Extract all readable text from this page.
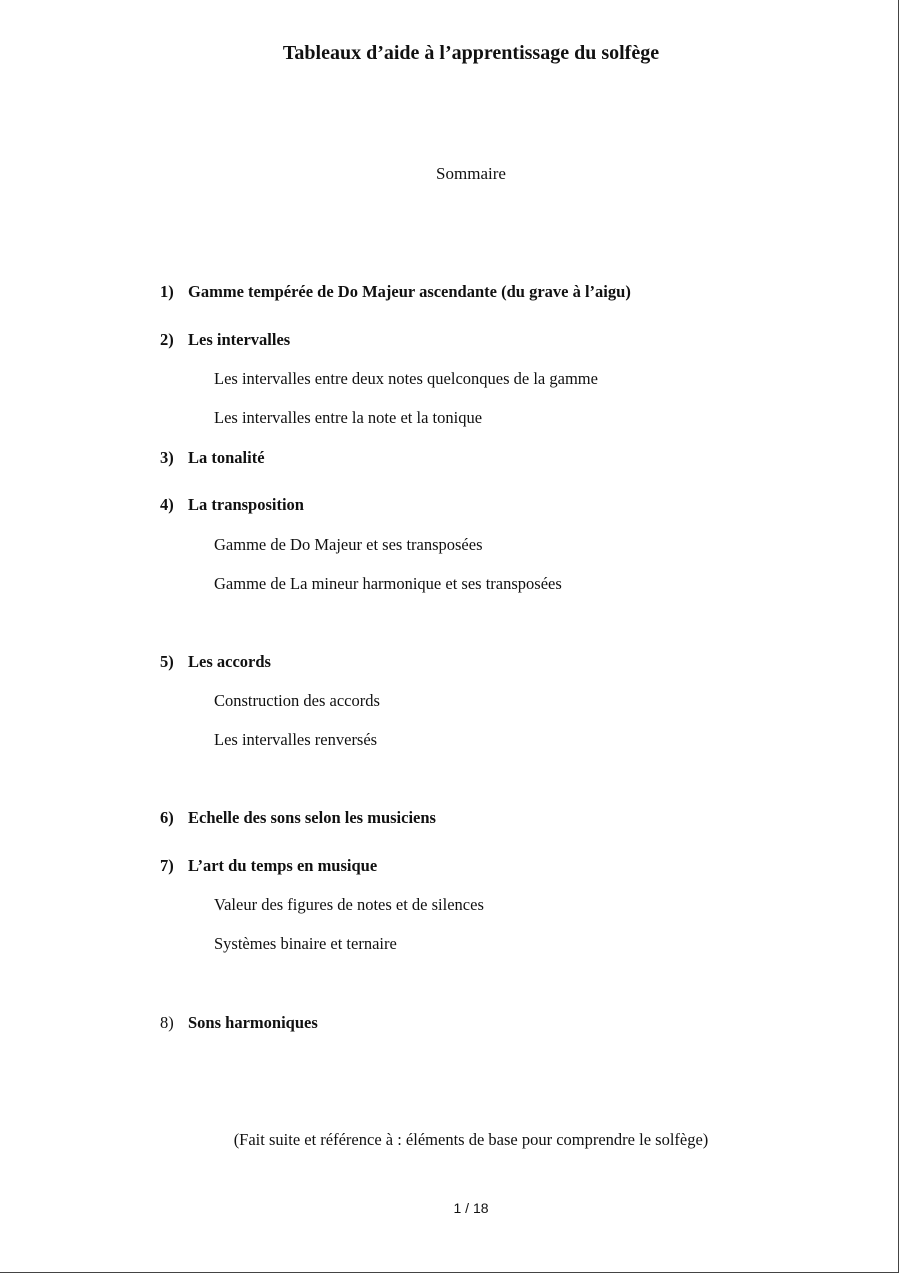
Tableaux d’aide à l’apprentissage du solfège
Sommaire
1) Gamme tempérée de Do Majeur ascendante (du grave à l’aigu)
2) Les intervalles
Les intervalles entre deux notes quelconques de la gamme
Les intervalles entre la note et la tonique
3) La tonalité
4) La transposition
Gamme de Do Majeur et ses transposées
Gamme de La mineur harmonique et ses transposées
5) Les accords
Construction des accords
Les intervalles renversés
6) Echelle des sons selon les musiciens
7) L’art du temps en musique
Valeur des figures de notes et de silences
Systèmes binaire et ternaire
8) Sons harmoniques
(Fait suite et référence à : éléments de base pour comprendre le solfège)
1 / 18
